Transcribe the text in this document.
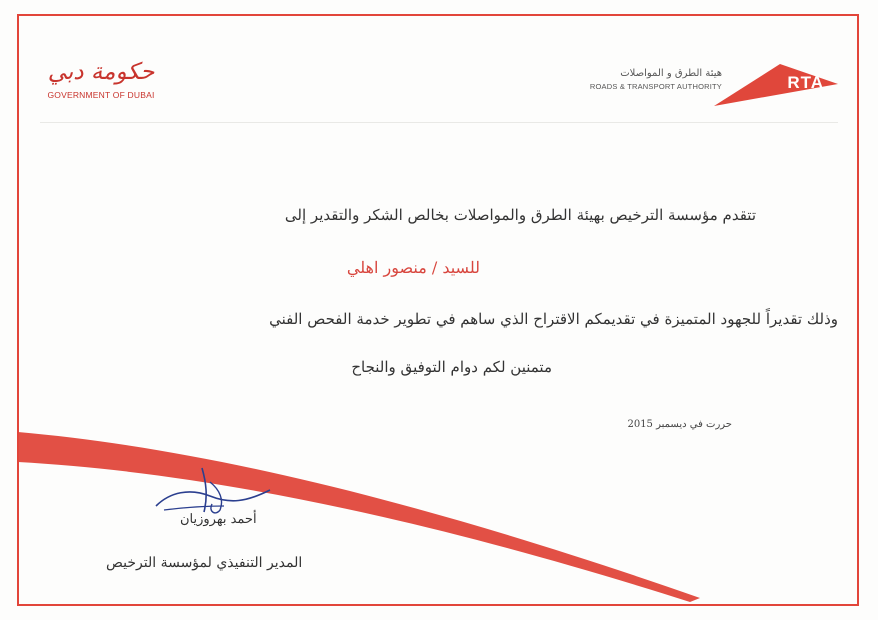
حكومة دبي
GOVERNMENT OF DUBAI
هيئة الطرق و المواصلات
ROADS & TRANSPORT AUTHORITY	RTA
تتقدم مؤسسة الترخيص بهيئة الطرق والمواصلات بخالص الشكر والتقدير إلى
للسيد / منصور اهلي
وذلك تقديراً للجهود المتميزة في تقديمكم الاقتراح الذي ساهم في تطوير خدمة الفحص الفني
متمنين لكم دوام التوفيق والنجاح
حررت في ديسمبر 2015
أحمد بهروزيان
المدير التنفيذي لمؤسسة الترخيص
